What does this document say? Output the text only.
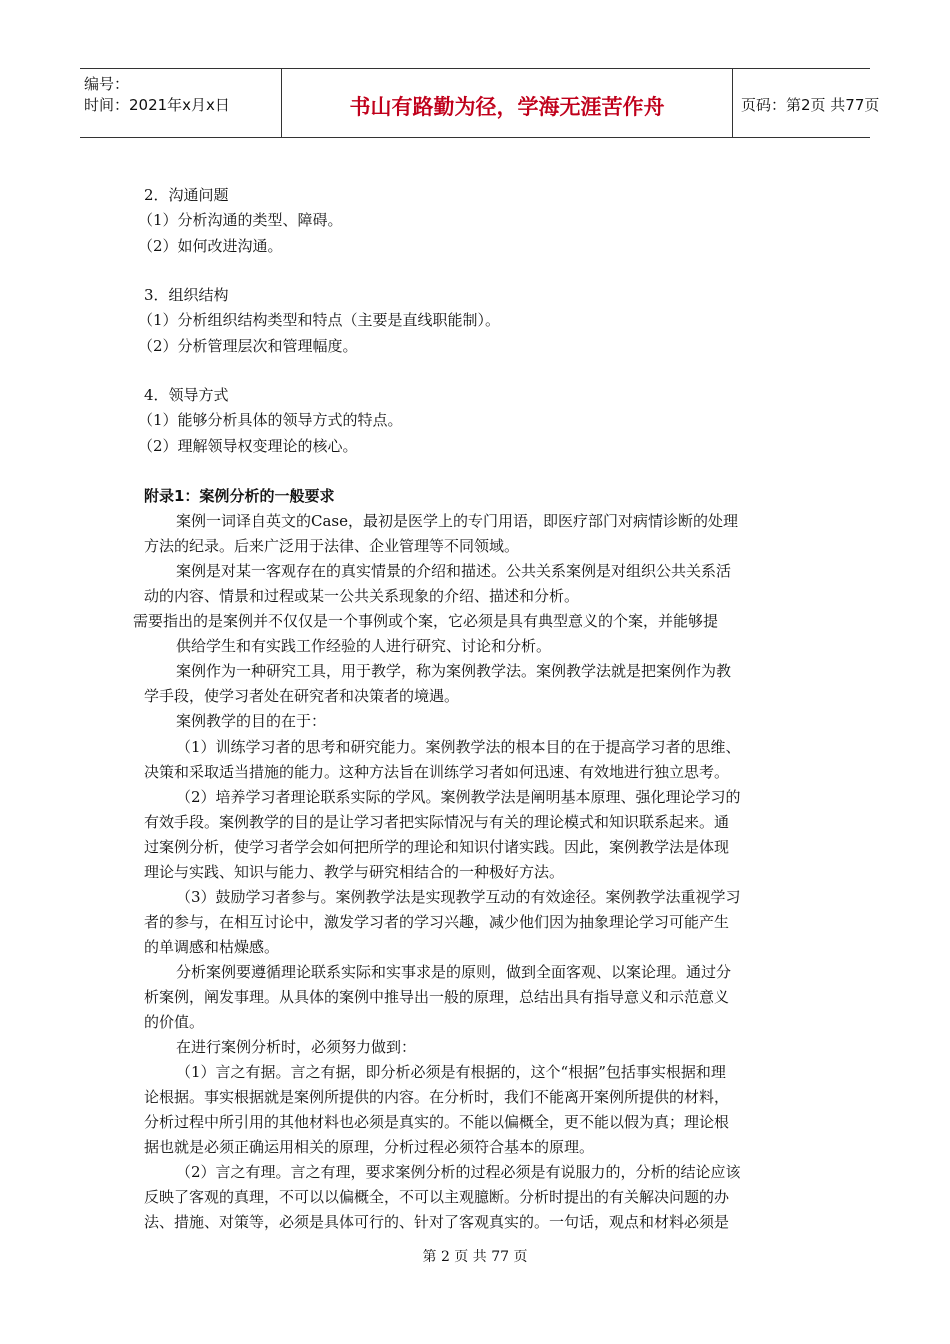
编号：
时间：2021年x月x日	书山有路勤为径，学海无涯苦作舟	页码：第2页 共77页
2．沟通问题
（1）分析沟通的类型、障碍。
（2）如何改进沟通。
3．组织结构
（1）分析组织结构类型和特点（主要是直线职能制）。
（2）分析管理层次和管理幅度。
4．领导方式
（1）能够分析具体的领导方式的特点。
（2）理解领导权变理论的核心。
附录1：案例分析的一般要求
案例一词译自英文的Case，最初是医学上的专门用语，即医疗部门对病情诊断的处理
方法的纪录。后来广泛用于法律、企业管理等不同领域。
案例是对某一客观存在的真实情景的介绍和描述。公共关系案例是对组织公共关系活
动的内容、情景和过程或某一公共关系现象的介绍、描述和分析。
需要指出的是案例并不仅仅是一个事例或个案，它必须是具有典型意义的个案，并能够提
供给学生和有实践工作经验的人进行研究、讨论和分析。
案例作为一种研究工具，用于教学，称为案例教学法。案例教学法就是把案例作为教
学手段，使学习者处在研究者和决策者的境遇。
案例教学的目的在于：
（1）训练学习者的思考和研究能力。案例教学法的根本目的在于提高学习者的思维、
决策和采取适当措施的能力。这种方法旨在训练学习者如何迅速、有效地进行独立思考。
（2）培养学习者理论联系实际的学风。案例教学法是阐明基本原理、强化理论学习的
有效手段。案例教学的目的是让学习者把实际情况与有关的理论模式和知识联系起来。通
过案例分析，使学习者学会如何把所学的理论和知识付诸实践。因此，案例教学法是体现
理论与实践、知识与能力、教学与研究相结合的一种极好方法。
（3）鼓励学习者参与。案例教学法是实现教学互动的有效途径。案例教学法重视学习
者的参与，在相互讨论中，激发学习者的学习兴趣，减少他们因为抽象理论学习可能产生
的单调感和枯燥感。
分析案例要遵循理论联系实际和实事求是的原则，做到全面客观、以案论理。通过分
析案例，阐发事理。从具体的案例中推导出一般的原理，总结出具有指导意义和示范意义
的价值。
在进行案例分析时，必须努力做到：
（1）言之有据。言之有据，即分析必须是有根据的，这个“根据”包括事实根据和理
论根据。事实根据就是案例所提供的内容。在分析时，我们不能离开案例所提供的材料，
分析过程中所引用的其他材料也必须是真实的。不能以偏概全，更不能以假为真；理论根
据也就是必须正确运用相关的原理，分析过程必须符合基本的原理。
（2）言之有理。言之有理，要求案例分析的过程必须是有说服力的，分析的结论应该
反映了客观的真理，不可以以偏概全，不可以主观臆断。分析时提出的有关解决问题的办
法、措施、对策等，必须是具体可行的、针对了客观真实的。一句话，观点和材料必须是
第 2 页 共 77 页
